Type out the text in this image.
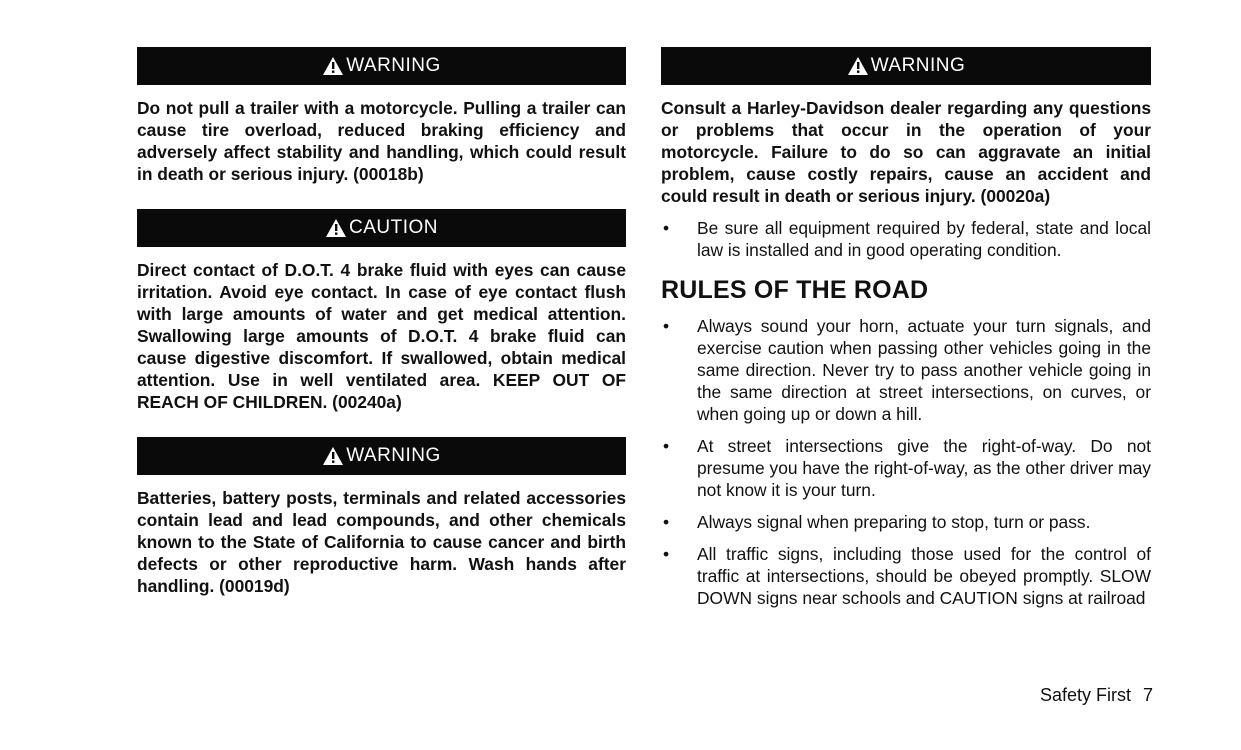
WARNING

Do not pull a trailer with a motorcycle. Pulling a trailer can cause tire overload, reduced braking efficiency and adversely affect stability and handling, which could result in death or serious injury. (00018b)

CAUTION

Direct contact of D.O.T. 4 brake fluid with eyes can cause irritation. Avoid eye contact. In case of eye contact flush with large amounts of water and get medical attention. Swallowing large amounts of D.O.T. 4 brake fluid can cause digestive discomfort. If swallowed, obtain medical attention. Use in well ventilated area. KEEP OUT OF REACH OF CHILDREN. (00240a)

WARNING

Batteries, battery posts, terminals and related accessories contain lead and lead compounds, and other chemicals known to the State of California to cause cancer and birth defects or other reproductive harm. Wash hands after handling. (00019d)

WARNING

Consult a Harley-Davidson dealer regarding any questions or problems that occur in the operation of your motorcycle. Failure to do so can aggravate an initial problem, cause costly repairs, cause an accident and could result in death or serious injury. (00020a)

• Be sure all equipment required by federal, state and local law is installed and in good operating condition.
RULES OF THE ROAD
• Always sound your horn, actuate your turn signals, and exercise caution when passing other vehicles going in the same direction. Never try to pass another vehicle going in the same direction at street intersections, on curves, or when going up or down a hill.
• At street intersections give the right-of-way. Do not presume you have the right-of-way, as the other driver may not know it is your turn.
• Always signal when preparing to stop, turn or pass.
• All traffic signs, including those used for the control of traffic at intersections, should be obeyed promptly. SLOW DOWN signs near schools and CAUTION signs at railroad
Safety First 7
